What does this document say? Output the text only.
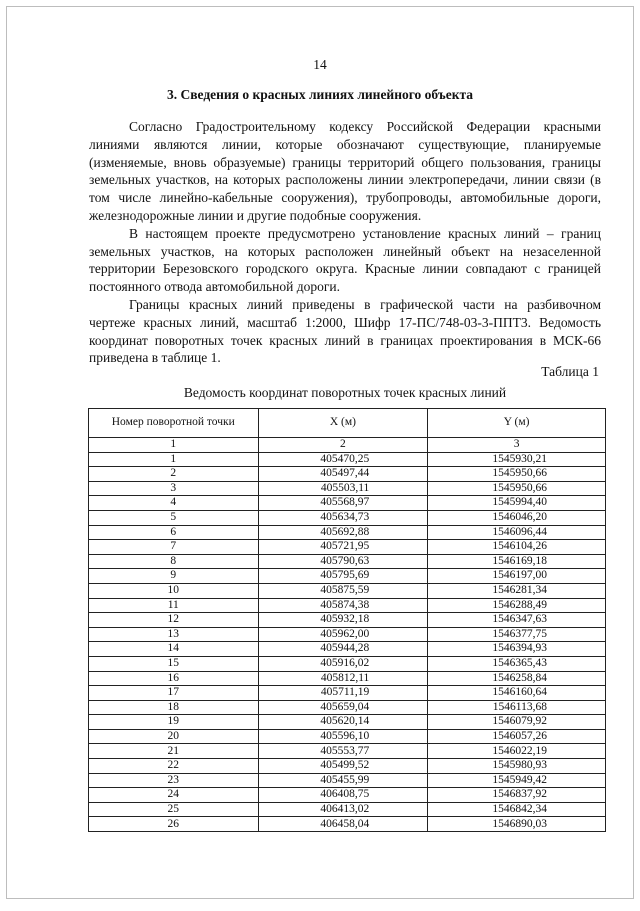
14
3. Сведения о красных линиях линейного объекта

Согласно Градостроительному кодексу Российской Федерации красными линиями являются линии, которые обозначают существующие, планируемые (изменяемые, вновь образуемые) границы территорий общего пользования, границы земельных участков, на которых расположены линии электропередачи, линии связи (в том числе линейно-кабельные сооружения), трубопроводы, автомобильные дороги, железнодорожные линии и другие подобные сооружения.

В настоящем проекте предусмотрено установление красных линий – границ земельных участков, на которых расположен линейный объект на незаселенной территории Березовского городского округа. Красные линии совпадают с границей постоянного отвода автомобильной дороги.

Границы красных линий приведены в графической части на разбивочном чертеже красных линий, масштаб 1:2000, Шифр 17-ПС/748-03-3-ППТ3. Ведомость координат поворотных точек красных линий в границах проектирования в МСК-66 приведена в таблице 1.

Таблица 1
Ведомость координат поворотных точек красных линий
Номер поворотной точки	X (м)	Y (м)
1	2	3
1	405470,25	1545930,21
2	405497,44	1545950,66
3	405503,11	1545950,66
4	405568,97	1545994,40
5	405634,73	1546046,20
6	405692,88	1546096,44
7	405721,95	1546104,26
8	405790,63	1546169,18
9	405795,69	1546197,00
10	405875,59	1546281,34
11	405874,38	1546288,49
12	405932,18	1546347,63
13	405962,00	1546377,75
14	405944,28	1546394,93
15	405916,02	1546365,43
16	405812,11	1546258,84
17	405711,19	1546160,64
18	405659,04	1546113,68
19	405620,14	1546079,92
20	405596,10	1546057,26
21	405553,77	1546022,19
22	405499,52	1545980,93
23	405455,99	1545949,42
24	406408,75	1546837,92
25	406413,02	1546842,34
26	406458,04	1546890,03
